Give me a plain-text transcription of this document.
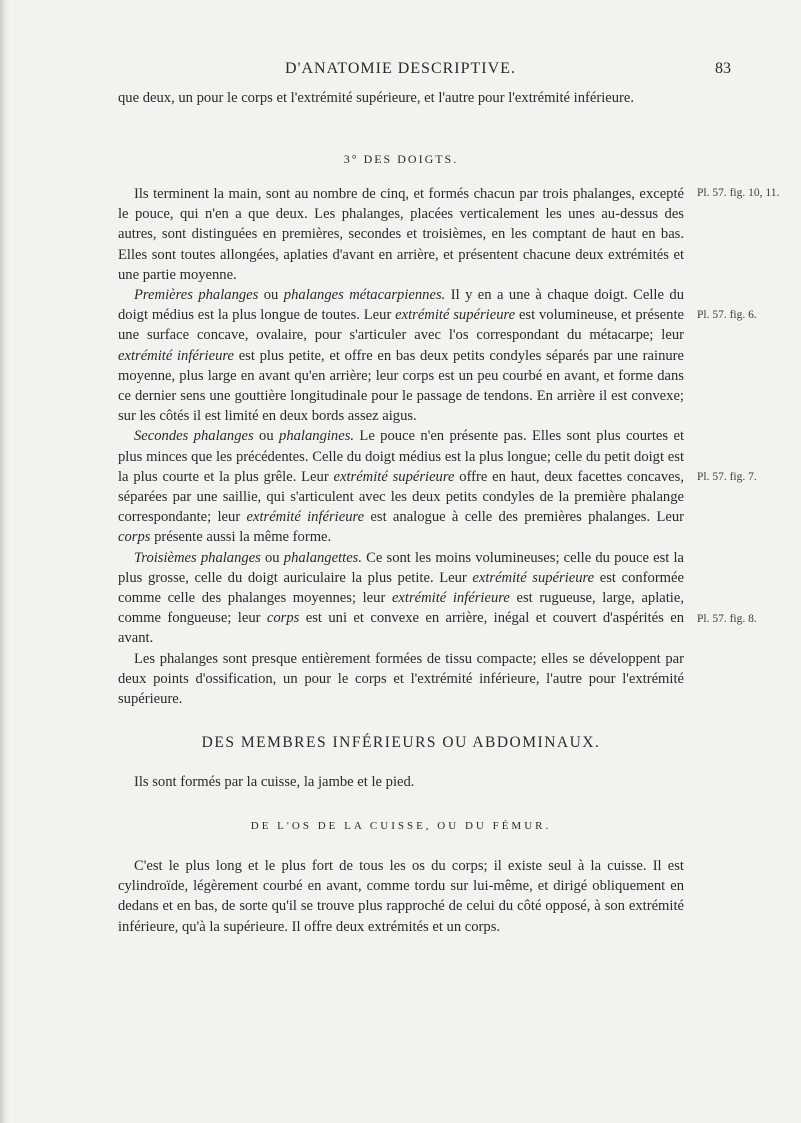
D'ANATOMIE DESCRIPTIVE.	83

que deux, un pour le corps et l'extrémité supérieure, et l'autre pour l'extrémité inférieure.

3° DES DOIGTS.

Ils terminent la main, sont au nombre de cinq, et formés chacun par trois phalanges, excepté le pouce, qui n'en a que deux. Les phalanges, placées verticalement les unes au-dessus des autres, sont distinguées en premières, secondes et troisièmes, en les comptant de haut en bas. Elles sont toutes allongées, aplaties d'avant en arrière, et présentent chacune deux extrémités et une partie moyenne.

Premières phalanges ou phalanges métacarpiennes. Il y en a une à chaque doigt. Celle du doigt médius est la plus longue de toutes. Leur extrémité supérieure est volumineuse, et présente une surface concave, ovalaire, pour s'articuler avec l'os correspondant du métacarpe; leur extrémité inférieure est plus petite, et offre en bas deux petits condyles séparés par une rainure moyenne, plus large en avant qu'en arrière; leur corps est un peu courbé en avant, et forme dans ce dernier sens une gouttière longitudinale pour le passage de tendons. En arrière il est convexe; sur les côtés il est limité en deux bords assez aigus.

Secondes phalanges ou phalangines. Le pouce n'en présente pas. Elles sont plus courtes et plus minces que les précédentes. Celle du doigt médius est la plus longue; celle du petit doigt est la plus courte et la plus grêle. Leur extrémité supérieure offre en haut, deux facettes concaves, séparées par une saillie, qui s'articulent avec les deux petits condyles de la première phalange correspondante; leur extrémité inférieure est analogue à celle des premières phalanges. Leur corps présente aussi la même forme.

Troisièmes phalanges ou phalangettes. Ce sont les moins volumineuses; celle du pouce est la plus grosse, celle du doigt auriculaire la plus petite. Leur extrémité supérieure est conformée comme celle des phalanges moyennes; leur extrémité inférieure est rugueuse, large, aplatie, comme fongueuse; leur corps est uni et convexe en arrière, inégal et couvert d'aspérités en avant.

Les phalanges sont presque entièrement formées de tissu compacte; elles se développent par deux points d'ossification, un pour le corps et l'extrémité inférieure, l'autre pour l'extrémité supérieure.

DES MEMBRES INFÉRIEURS OU ABDOMINAUX.

Ils sont formés par la cuisse, la jambe et le pied.

DE L'OS DE LA CUISSE, OU DU FÉMUR.

C'est le plus long et le plus fort de tous les os du corps; il existe seul à la cuisse. Il est cylindroïde, légèrement courbé en avant, comme tordu sur lui-même, et dirigé obliquement en dedans et en bas, de sorte qu'il se trouve plus rapproché de celui du côté opposé, à son extrémité inférieure, qu'à la supérieure. Il offre deux extrémités et un corps.

Pl. 57. fig. 10, 11.
Pl. 57. fig. 6.
Pl. 57. fig. 7.
Pl. 57. fig. 8.
